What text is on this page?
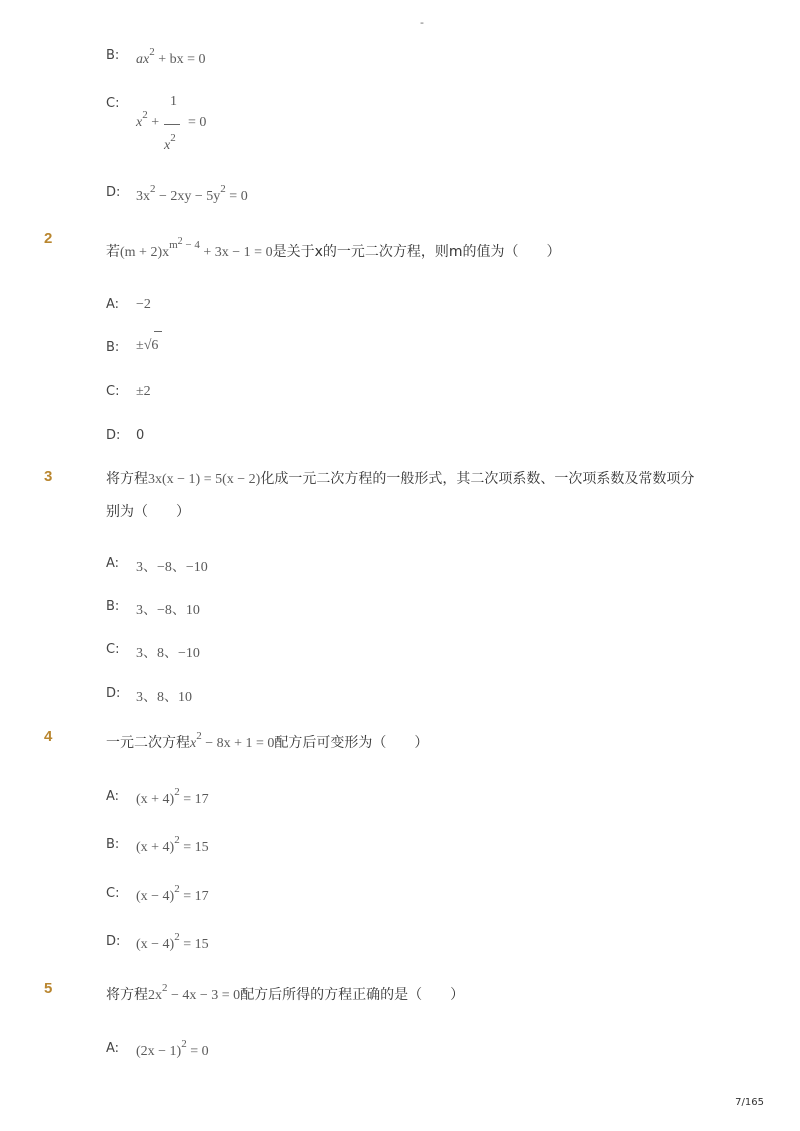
-
B: $ax^2$ + bx = 0
C:	1
$x^2$ + = 0
$x^2$
D: $3x^2 - 2xy - 5y^2 = 0$
2
若$(m + 2)x^{m2 - 4} + 3x - 1 = 0$是关于x的一元二次方程，则m的值为（　　）
A: −2
B: ±√6
C: ±2
D: 0
3	将方程3x(x − 1) = 5(x − 2)化成一元二次方程的一般形式，其二次项系数、一次项系数及常数项分
别为（　　）
A: 3、−8、−10
B: 3、−8、10
C: 3、8、−10
D: 3、8、10
4	一元二次方程$x^2 - 8x + 1 = 0$配方后可变形为（　　）
A: $(x + 4)^2 = 17$
B: $(x + 4)^2 = 15$
C: $(x - 4)^2 = 17$
D: $(x - 4)^2 = 15$
5	将方程$2x^2 - 4x - 3 = 0$配方后所得的方程正确的是（　　）
A: $(2x - 1)^2 = 0$
7/165
